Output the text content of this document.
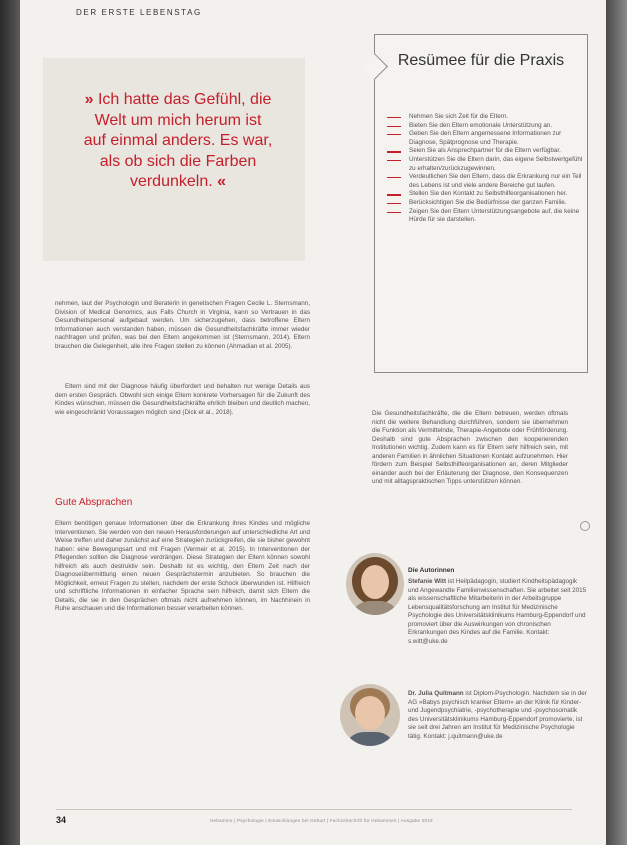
DER ERSTE LEBENSTAG
» Ich hatte das Gefühl, die Welt um mich herum ist auf einmal anders. Es war, als ob sich die Farben verdunkeln. «
Resümee für die Praxis
Nehmen Sie sich Zeit für die Eltern.
Bieten Sie den Eltern emotionale Unterstützung an.
Geben Sie den Eltern angemessene Informationen zur Diagnose, Spätprognose und Therapie.
Seien Sie als Ansprechpartner für die Eltern verfügbar.
Unterstützen Sie die Eltern darin, das eigene Selbstwertgefühl zu erhalten/zurückzugewinnen.
Verdeutlichen Sie den Eltern, dass die Erkrankung nur ein Teil des Lebens ist und viele andere Bereiche gut laufen.
Stellen Sie den Kontakt zu Selbsthilfeorganisationen her.
Berücksichtigen Sie die Bedürfnisse der ganzen Familie.
Zeigen Sie den Eltern Unterstützungsangebote auf, die keine Hürde für sie darstellen.
nehmen, laut der Psychologin und Beraterin in genetischen Fragen Cecile L. Sternsmann, Division of Medical Genomics, aus Falls Church in Virginia, kann so Vertrauen in das Gesundheitspersonal aufgebaut werden. Um sicherzugehen, dass betroffene Eltern Informationen auch verstanden haben, müssen die Gesundheitsfachkräfte immer wieder nachfragen und prüfen, was bei den Eltern angekommen ist (Sternsmann, 2014). Eltern brauchen die Gelegenheit, alle ihre Fragen stellen zu können (Ahmadian et al. 2005).
Eltern sind mit der Diagnose häufig überfordert und behalten nur wenige Details aus dem ersten Gespräch. Obwohl sich einige Eltern konkrete Vorhersagen für die Zukunft des Kindes wünschen, müssen die Gesundheitsfachkräfte ehrlich bleiben und deutlich machen, wie eingeschränkt Voraussagen möglich sind (Dick et al., 2018).
Gute Absprachen
Eltern benötigen genaue Informationen über die Erkrankung ihres Kindes und mögliche Interventionen. Sie werden von den neuen Herausforderungen auf unterschiedliche Art und Weise treffen und daher zunächst auf eine Strategien zurückgreifen, die sie bisher gewohnt haben: eine Bewegungsart und mit Fragen (Vermeir et al. 2015). In Interventionen der Pflegenden sollten die Diagnose verdrängen. Diese Strategien der Eltern können sowohl hilfreich als auch destruktiv sein. Deshalb ist es wichtig, den Eltern Zeit nach der Diagnoseübermittlung einen neuen Gesprächstermin anzubieten. So brauchen die Möglichkeit, erneut Fragen zu stellen, nachdem der erste Schock überwunden ist. Hilfreich und schriftliche Informationen in einfacher Sprache sein hilfreich, damit sich Eltern die Details, die sie in den Gesprächen oftmals nicht aufnehmen können, im Nachhinein in Ruhe anschauen und die Informationen besser verarbeiten können.
Die Gesundheitsfachkräfte, die die Eltern betreuen, werden oftmals nicht die weitere Behandlung durchführen, sondern sie übernehmen die Funktion als Vermittelnde, Therapie-Angebote oder Frühförderung. Deshalb sind gute Absprachen zwischen den kooperierenden Institutionen wichtig. Zudem kann es für Eltern sehr hilfreich sein, mit anderen Familien in ähnlichen Situationen Kontakt aufzunehmen. Hier fördern zum Beispiel Selbsthilfeorganisationen an, deren Mitglieder einander auch bei der Erläuterung der Diagnose, den Konsequenzen und mit alltagspraktischen Tipps unterstützen können.
Die Autorinnen
Stefanie Witt ist Heilpädagogin, studiert Kindheitspädagogik und Angewandte Familienwissenschaften. Sie arbeitet seit 2015 als wissenschaftliche Mitarbeiterin in der Arbeitsgruppe Lebensqualitätsforschung am Institut für Medizinische Psychologie des Universitätsklinikums Hamburg-Eppendorf und promoviert über die Auswirkungen von chronischen Erkrankungen des Kindes auf die Familie. Kontakt: s.witt@uke.de
Dr. Julia Quitmann ist Diplom-Psychologin. Nachdem sie in der AG »Babys psychisch kranker Eltern« an der Klinik für Kinder- und Jugendpsychiatrie, -psychotherapie und -psychosomatik des Universitätsklinikums Hamburg-Eppendorf promovierte, ist sie seit drei Jahren am Institut für Medizinische Psychologie tätig. Kontakt: j.quitmann@uke.de
34	Hebamme | Psychologie | Entwicklungen bei Geburt | Fachzeitschrift für Hebammen | Ausgabe 2019
